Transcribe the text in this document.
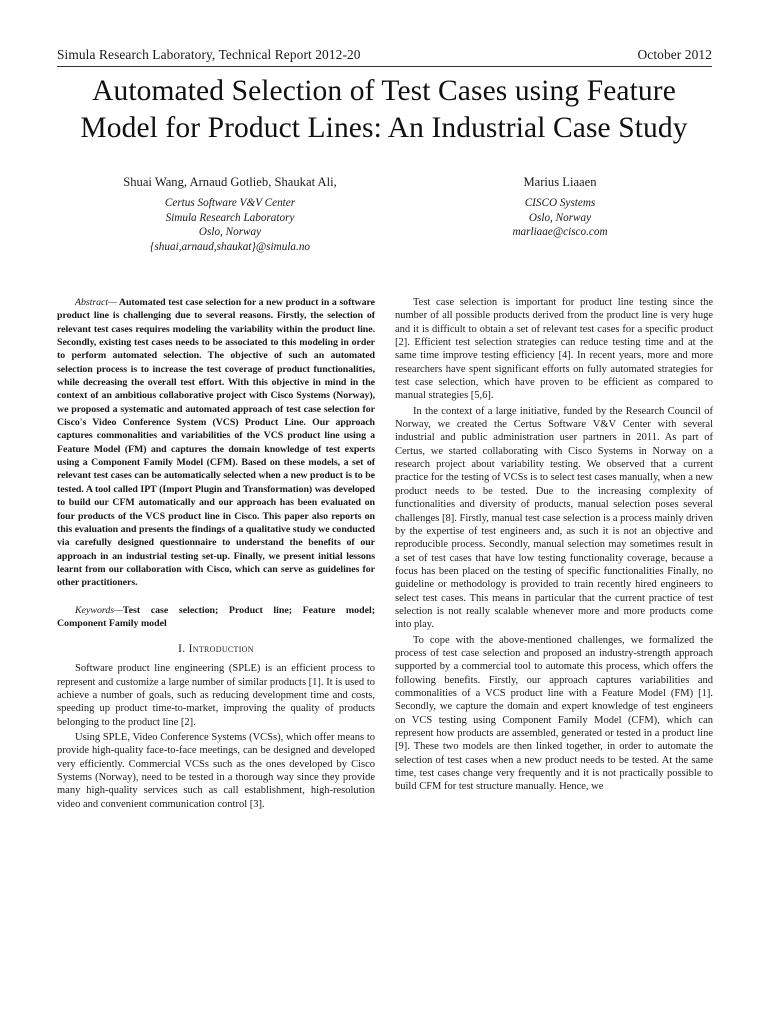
Simula Research Laboratory, Technical Report 2012-20	October 2012
Automated Selection of Test Cases using Feature
Model for Product Lines: An Industrial Case Study
Shuai Wang, Arnaud Gotlieb, Shaukat Ali,
Certus Software V&V Center
Simula Research Laboratory
Oslo, Norway
{shuai,arnaud,shaukat}@simula.no
Marius Liaaen
CISCO Systems
Oslo, Norway
marliaae@cisco.com

Abstract— Automated test case selection for a new product in a software product line is challenging due to several reasons. Firstly, the selection of relevant test cases requires modeling the variability within the product line. Secondly, existing test cases needs to be associated to this modeling in order to perform automated selection. The objective of such an automated selection process is to increase the test coverage of product functionalities, while decreasing the overall test effort. With this objective in mind in the context of an ambitious collaborative project with Cisco Systems (Norway), we proposed a systematic and automated approach of test case selection for Cisco's Video Conference System (VCS) Product Line. Our approach captures commonalities and variabilities of the VCS product line using a Feature Model (FM) and captures the domain knowledge of test experts using a Component Family Model (CFM). Based on these models, a set of relevant test cases can be automatically selected when a new product is to be tested. A tool called IPT (Import Plugin and Transformation) was developed to build our CFM automatically and our approach has been evaluated on four products of the VCS product line in Cisco. This paper also reports on this evaluation and presents the findings of a qualitative study we conducted via carefully designed questionnaire to understand the benefits of our approach in an industrial testing set-up. Finally, we present initial lessons learnt from our collaboration with Cisco, which can serve as guidelines for other practitioners.

Keywords—Test case selection; Product line; Feature model; Component Family model

I. Introduction

Software product line engineering (SPLE) is an efficient process to represent and customize a large number of similar products [1]. It is used to achieve a number of goals, such as reducing development time and costs, speeding up product time-to-market, improving the quality of products belonging to the product line [2].

Using SPLE, Video Conference Systems (VCSs), which offer means to provide high-quality face-to-face meetings, can be designed and developed very efficiently. Commercial VCSs such as the ones developed by Cisco Systems (Norway), need to be tested in a thorough way since they provide many high-quality services such as call establishment, high-resolution video and convenient communication control [3].

Test case selection is important for product line testing since the number of all possible products derived from the product line is very huge and it is difficult to obtain a set of relevant test cases for a specific product [2]. Efficient test selection strategies can reduce testing time and at the same time improve testing efficiency [4]. In recent years, more and more researchers have spent significant efforts on fully automated strategies for test case selection, which have proven to be efficient as compared to manual strategies [5,6].

In the context of a large initiative, funded by the Research Council of Norway, we created the Certus Software V&V Center with several industrial and public administration user partners in 2011. As part of Certus, we started collaborating with Cisco Systems in Norway on a research project about variability testing. We observed that a current practice for the testing of VCSs is to select test cases manually, when a new product needs to be tested. Due to the increasing complexity of functionalities and diversity of products, manual selection poses several challenges [8]. Firstly, manual test case selection is a process mainly driven by the expertise of test engineers and, as such it is not an objective and reproducible process. Secondly, manual selection may sometimes result in a set of test cases that have low testing functionality coverage, because a focus has been placed on the testing of specific functionalities Finally, no guideline or methodology is provided to train recently hired engineers to select test cases. This means in particular that the current practice of test selection is not really scalable whenever more and more products come into play.

To cope with the above-mentioned challenges, we formalized the process of test case selection and proposed an industry-strength approach supported by a commercial tool to automate this process, which offers the following benefits. Firstly, our approach captures variabilities and commonalities of a VCS product line with a Feature Model (FM) [1]. Secondly, we capture the domain and expert knowledge of test engineers on VCS testing using Component Family Model (CFM), which can represent how products are assembled, generated or tested in a product line [9]. These two models are then linked together, in order to automate the selection of test cases when a new product needs to be tested. At the same time, test cases change very frequently and it is not practically possible to build CFM for test structure manually. Hence, we
